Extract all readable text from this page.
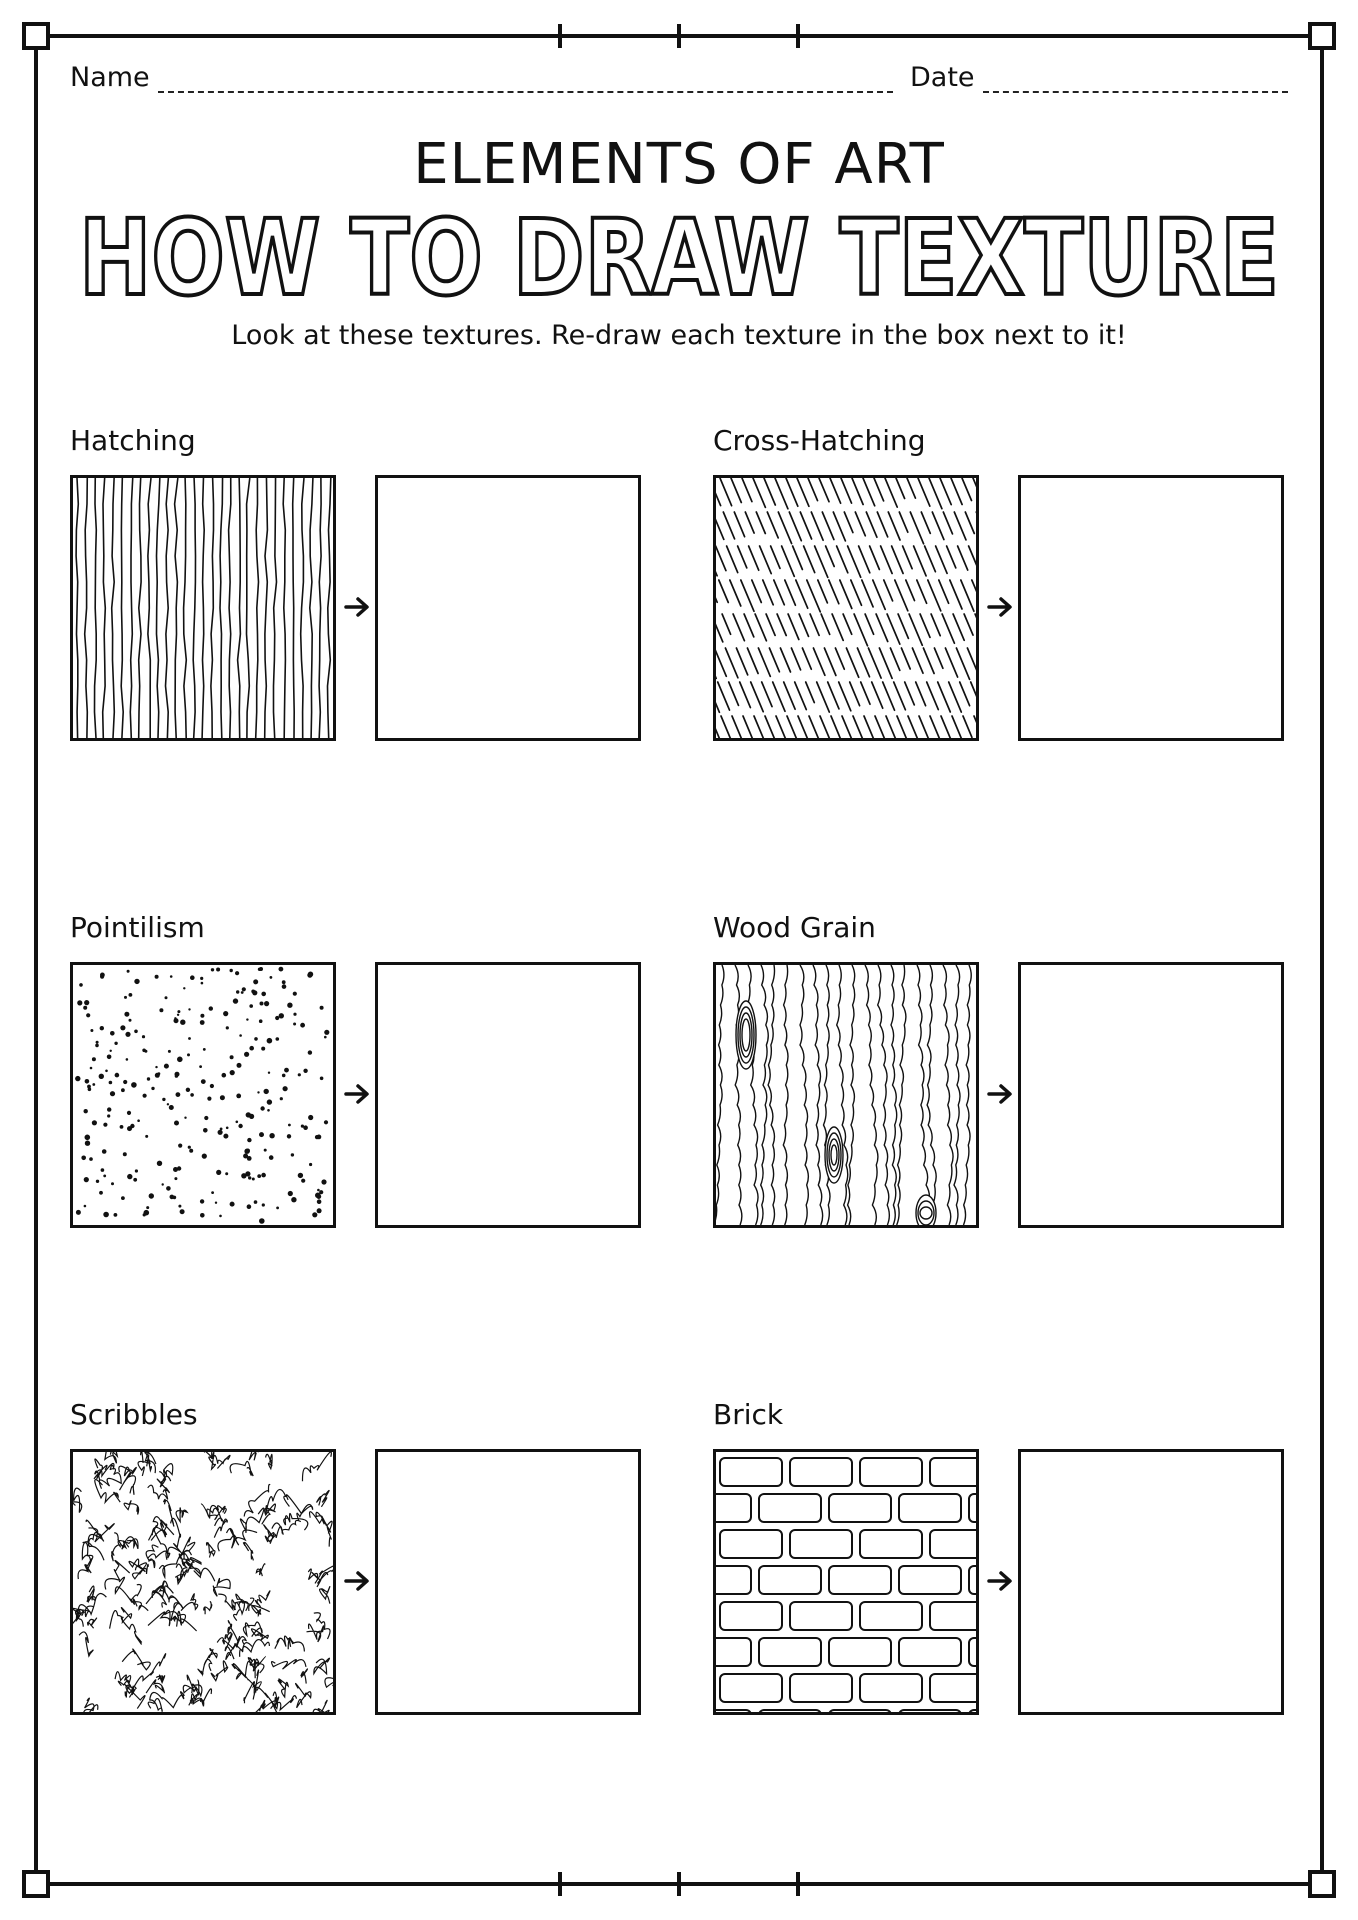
Name	Date
ELEMENTS OF ART
HOW TO DRAW TEXTURE
Look at these textures. Re-draw each texture in the box next to it!
Hatching	Cross-Hatching
Pointilism	Wood Grain
Scribbles	Brick
